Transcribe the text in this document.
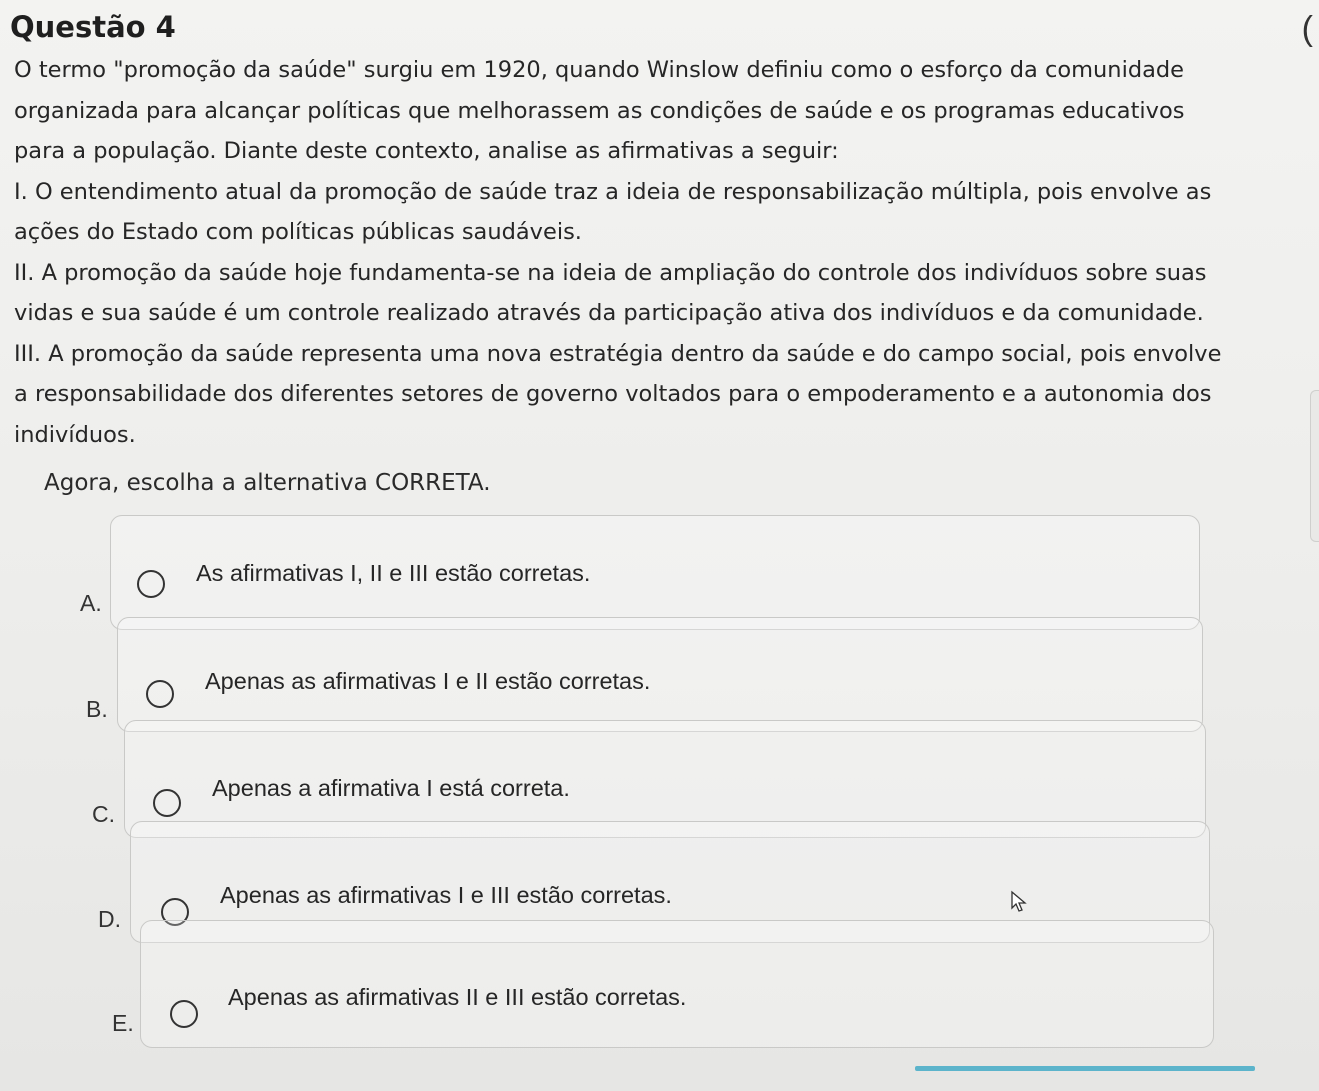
Questão 4	(

O termo "promoção da saúde" surgiu em 1920, quando Winslow definiu como o esforço da comunidade

organizada para alcançar políticas que melhorassem as condições de saúde e os programas educativos

para a população. Diante deste contexto, analise as afirmativas a seguir:

I. O entendimento atual da promoção de saúde traz a ideia de responsabilização múltipla, pois envolve as

ações do Estado com políticas públicas saudáveis.

II. A promoção da saúde hoje fundamenta-se na ideia de ampliação do controle dos indivíduos sobre suas

vidas e sua saúde é um controle realizado através da participação ativa dos indivíduos e da comunidade.

III. A promoção da saúde representa uma nova estratégia dentro da saúde e do campo social, pois envolve

a responsabilidade dos diferentes setores de governo voltados para o empoderamento e a autonomia dos

indivíduos.

Agora, escolha a alternativa CORRETA.
A.
As afirmativas I, II e III estão corretas.
B.
Apenas as afirmativas I e II estão corretas.
C.
Apenas a afirmativa I está correta.
D.
Apenas as afirmativas I e III estão corretas.
E.
Apenas as afirmativas II e III estão corretas.
